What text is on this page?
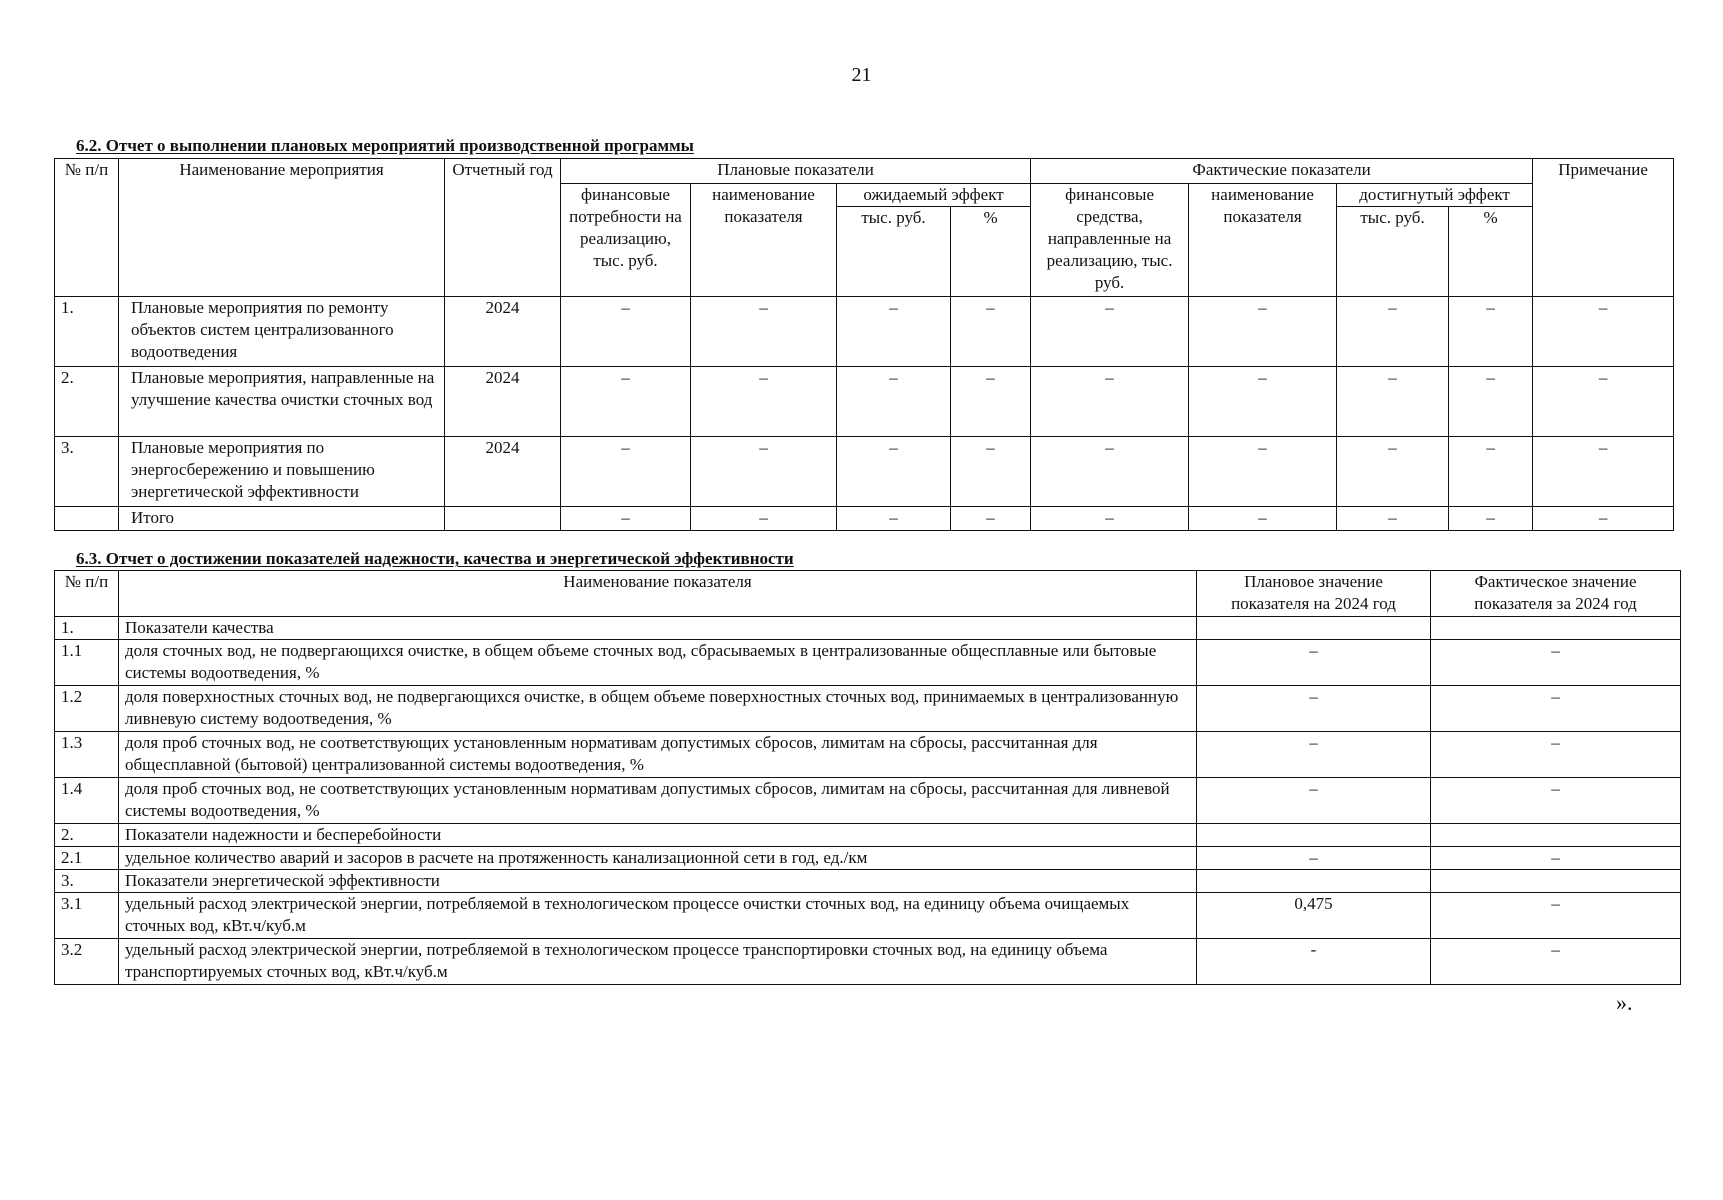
21
6.2. Отчет о выполнении плановых мероприятий производственной программы
№ п/п	Наименование мероприятия	Отчетный год	Плановые показатели				Фактические показатели				Примечание
			финансовые потребности на реализацию, тыс. руб.	наименование показателя	ожидаемый эффект		финансовые средства, направленные на реализацию, тыс. руб.	наименование показателя	достигнутый эффект		
					тыс. руб.	%			тыс. руб.	%	
1.	Плановые мероприятия по ремонту объектов систем централизованного водоотведения	2024	–	–	–	–	–	–	–	–	–
2.	Плановые мероприятия, направленные на улучшение качества очистки сточных вод	2024	–	–	–	–	–	–	–	–	–
3.	Плановые мероприятия по энергосбережению и повышению энергетической эффективности	2024	–	–	–	–	–	–	–	–	–
	Итого		–	–	–	–	–	–	–	–	–
6.3. Отчет о достижении показателей надежности, качества и энергетической эффективности
№ п/п	Наименование показателя	Плановое значение показателя на 2024 год	Фактическое значение показателя за 2024 год
1.	Показатели качества		
1.1	доля сточных вод, не подвергающихся очистке, в общем объеме сточных вод, сбрасываемых в централизованные общесплавные или бытовые системы водоотведения, %	–	–
1.2	доля поверхностных сточных вод, не подвергающихся очистке, в общем объеме поверхностных сточных вод, принимаемых в централизованную ливневую систему водоотведения, %	–	–
1.3	доля проб сточных вод, не соответствующих установленным нормативам допустимых сбросов, лимитам на сбросы, рассчитанная для общесплавной (бытовой) централизованной системы водоотведения, %	–	–
1.4	доля проб сточных вод, не соответствующих установленным нормативам допустимых сбросов, лимитам на сбросы, рассчитанная для ливневой системы водоотведения, %	–	–
2.	Показатели надежности и бесперебойности		
2.1	удельное количество аварий и засоров в расчете на протяженность канализационной сети в год, ед./км	–	–
3.	Показатели энергетической эффективности		
3.1	удельный расход электрической энергии, потребляемой в технологическом процессе очистки сточных вод, на единицу объема очищаемых сточных вод, кВт.ч/куб.м	0,475	–
3.2	удельный расход электрической энергии, потребляемой в технологическом процессе транспортировки сточных вод, на единицу объема транспортируемых сточных вод, кВт.ч/куб.м	-	–
».
